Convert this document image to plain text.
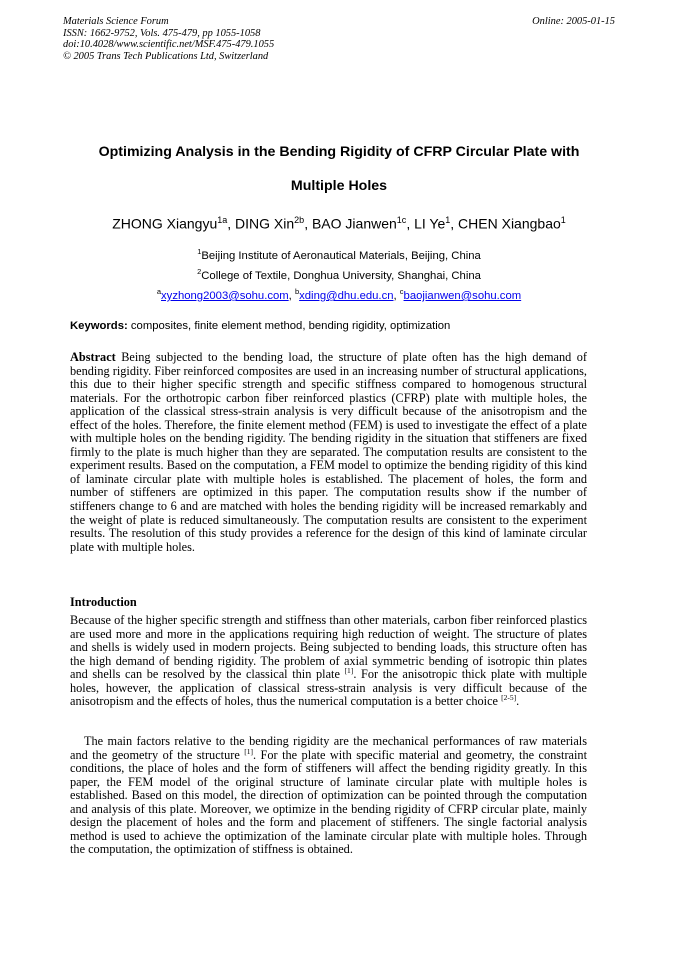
Materials Science Forum
ISSN: 1662-9752, Vols. 475-479, pp 1055-1058
doi:10.4028/www.scientific.net/MSF.475-479.1055
© 2005 Trans Tech Publications Ltd, Switzerland
Online: 2005-01-15
Optimizing Analysis in the Bending Rigidity of CFRP Circular Plate with
Multiple Holes
ZHONG Xiangyu$^{1a}$, DING Xin$^{2b}$, BAO Jianwen$^{1c}$, LI Ye$^1$, CHEN Xiangbao$^1$
$^1$Beijing Institute of Aeronautical Materials, Beijing, China
$^2$College of Textile, Donghua University, Shanghai, China
$^a$xyzhong2003@sohu.com, $^b$xding@dhu.edu.cn, $^c$baojianwen@sohu.com
Keywords: composites, finite element method, bending rigidity, optimization
Abstract Being subjected to the bending load, the structure of plate often has the high demand of bending rigidity. Fiber reinforced composites are used in an increasing number of structural applications, this due to their higher specific strength and specific stiffness compared to homogenous structural materials. For the orthotropic carbon fiber reinforced plastics (CFRP) plate with multiple holes, the application of the classical stress-strain analysis is very difficult because of the anisotropism and the effect of the holes. Therefore, the finite element method (FEM) is used to investigate the effect of a plate with multiple holes on the bending rigidity. The bending rigidity in the situation that stiffeners are fixed firmly to the plate is much higher than they are separated. The computation results are consistent to the experiment results. Based on the computation, a FEM model to optimize the bending rigidity of this kind of laminate circular plate with multiple holes is established. The placement of holes, the form and number of stiffeners are optimized in this paper. The computation results show if the number of stiffeners change to 6 and are matched with holes the bending rigidity will be increased remarkably and the weight of plate is reduced simultaneously. The computation results are consistent to the experiment results. The resolution of this study provides a reference for the design of this kind of laminate circular plate with multiple holes.
Introduction
Because of the higher specific strength and stiffness than other materials, carbon fiber reinforced plastics are used more and more in the applications requiring high reduction of weight. The structure of plates and shells is widely used in modern projects. Being subjected to bending loads, this structure often has the high demand of bending rigidity. The problem of axial symmetric bending of isotropic thin plates and shells can be resolved by the classical thin plate [1]. For the anisotropic thick plate with multiple holes, however, the application of classical stress-strain analysis is very difficult because of the anisotropism and the effects of holes, thus the numerical computation is a better choice [2-5].
The main factors relative to the bending rigidity are the mechanical performances of raw materials and the geometry of the structure [1]. For the plate with specific material and geometry, the constraint conditions, the place of holes and the form of stiffeners will affect the bending rigidity greatly. In this paper, the FEM model of the original structure of laminate circular plate with multiple holes is established. Based on this model, the direction of optimization can be pointed through the computation and analysis of this plate. Moreover, we optimize in the bending rigidity of CFRP circular plate, mainly design the placement of holes and the form and placement of stiffeners. The single factorial analysis method is used to achieve the optimization of the laminate circular plate with multiple holes. Through the computation, the optimization of stiffness is obtained.
